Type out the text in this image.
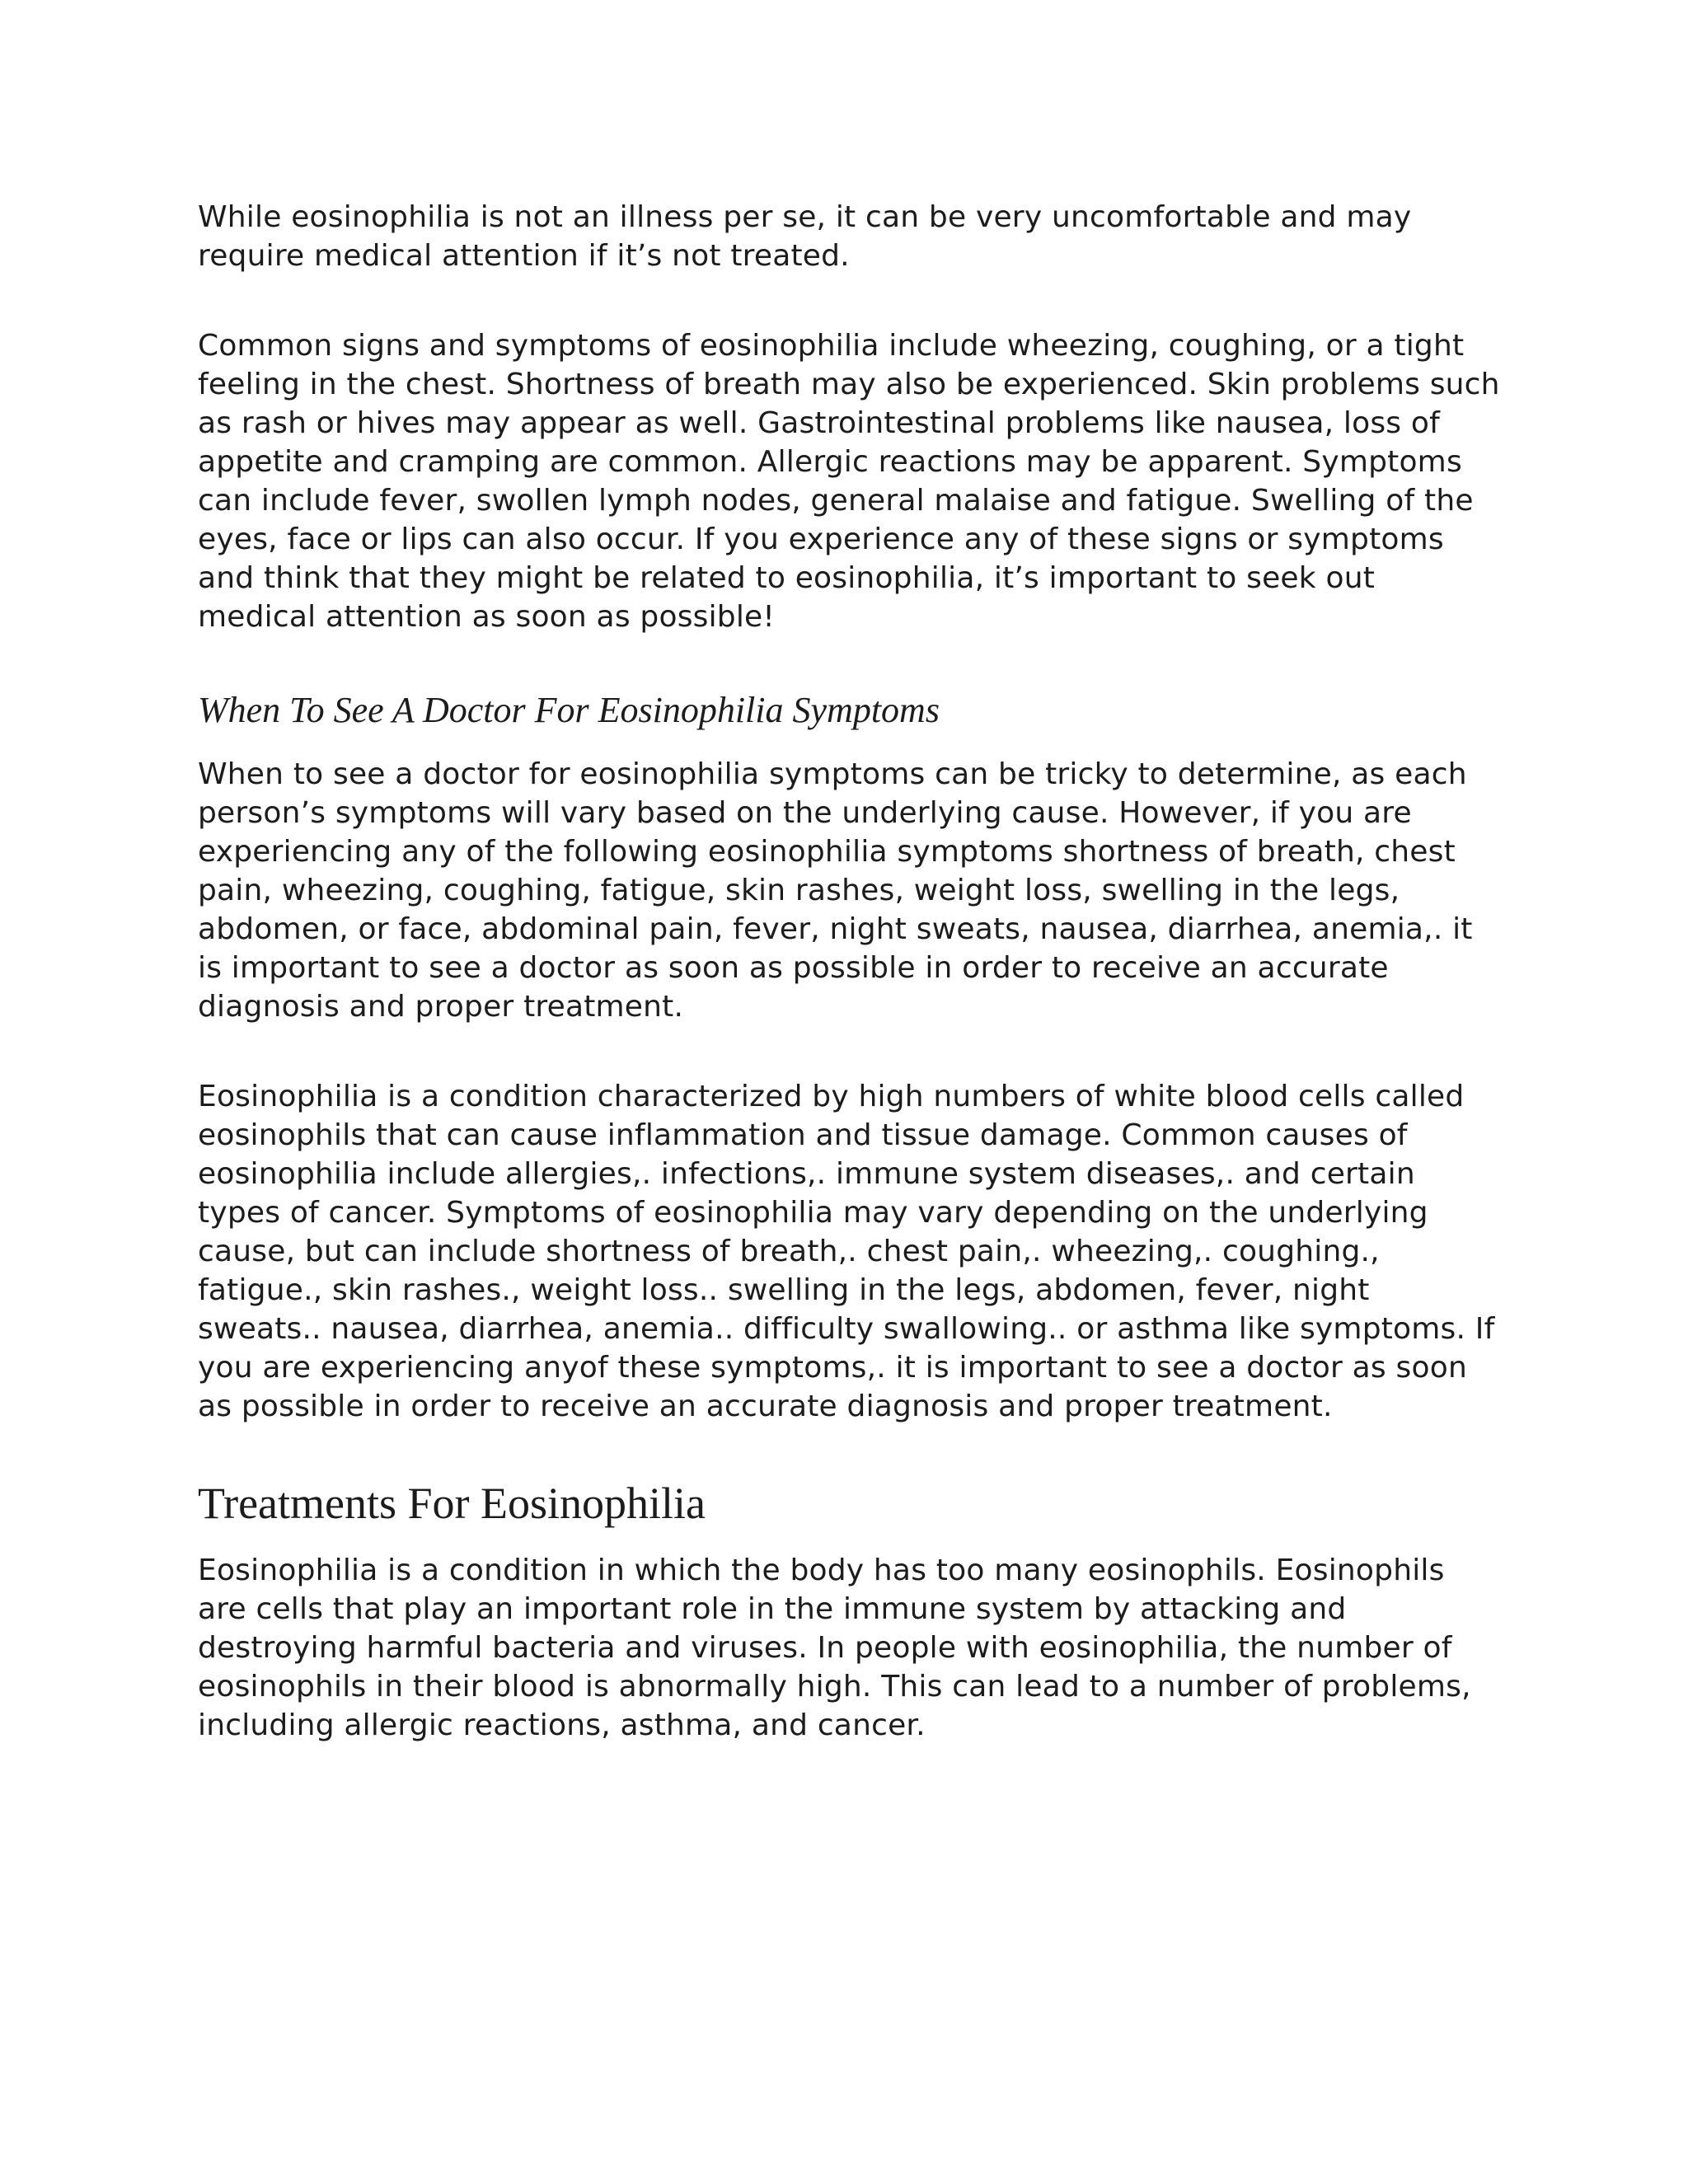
While eosinophilia is not an illness per se, it can be very uncomfortable and may require medical attention if it’s not treated.

Common signs and symptoms of eosinophilia include wheezing, coughing, or a tight feeling in the chest. Shortness of breath may also be experienced. Skin problems such as rash or hives may appear as well. Gastrointestinal problems like nausea, loss of appetite and cramping are common. Allergic reactions may be apparent. Symptoms can include fever, swollen lymph nodes, general malaise and fatigue. Swelling of the eyes, face or lips can also occur. If you experience any of these signs or symptoms and think that they might be related to eosinophilia, it’s important to seek out medical attention as soon as possible!

When To See A Doctor For Eosinophilia Symptoms

When to see a doctor for eosinophilia symptoms can be tricky to determine, as each person’s symptoms will vary based on the underlying cause. However, if you are experiencing any of the following eosinophilia symptoms shortness of breath, chest pain, wheezing, coughing, fatigue, skin rashes, weight loss, swelling in the legs, abdomen, or face, abdominal pain, fever, night sweats, nausea, diarrhea, anemia,. it is important to see a doctor as soon as possible in order to receive an accurate diagnosis and proper treatment.

Eosinophilia is a condition characterized by high numbers of white blood cells called eosinophils that can cause inflammation and tissue damage. Common causes of eosinophilia include allergies,. infections,. immune system diseases,. and certain types of cancer. Symptoms of eosinophilia may vary depending on the underlying cause, but can include shortness of breath,. chest pain,. wheezing,. coughing., fatigue., skin rashes., weight loss.. swelling in the legs, abdomen, fever, night sweats.. nausea, diarrhea, anemia.. difficulty swallowing.. or asthma like symptoms. If you are experiencing anyof these symptoms,. it is important to see a doctor as soon as possible in order to receive an accurate diagnosis and proper treatment.

Treatments For Eosinophilia

Eosinophilia is a condition in which the body has too many eosinophils. Eosinophils are cells that play an important role in the immune system by attacking and destroying harmful bacteria and viruses. In people with eosinophilia, the number of eosinophils in their blood is abnormally high. This can lead to a number of problems, including allergic reactions, asthma, and cancer.
